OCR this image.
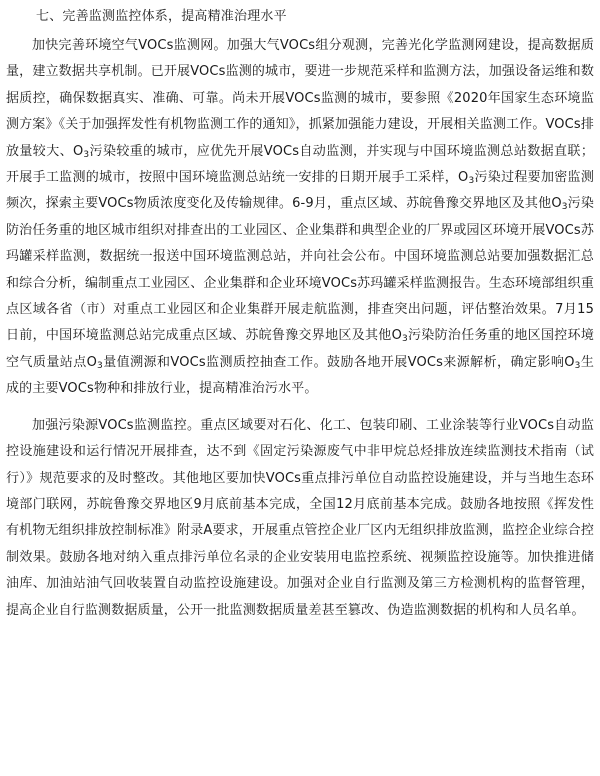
七、完善监测监控体系，提高精准治理水平

加快完善环境空气VOCs监测网。加强大气VOCs组分观测，完善光化学监测网建设，提高数据质量，建立数据共享机制。已开展VOCs监测的城市，要进一步规范采样和监测方法，加强设备运维和数据质控，确保数据真实、准确、可靠。尚未开展VOCs监测的城市，要参照《2020年国家生态环境监测方案》《关于加强挥发性有机物监测工作的通知》，抓紧加强能力建设，开展相关监测工作。VOCs排放量较大、$O_3$污染较重的城市，应优先开展VOCs自动监测，并实现与中国环境监测总站数据直联；开展手工监测的城市，按照中国环境监测总站统一安排的日期开展手工采样，$O_3$污染过程要加密监测频次，探索主要VOCs物质浓度变化及传输规律。6-9月，重点区域、苏皖鲁豫交界地区及其他$O_3$污染防治任务重的地区城市组织对排查出的工业园区、企业集群和典型企业的厂界或园区环境开展VOCs苏玛罐采样监测，数据统一报送中国环境监测总站，并向社会公布。中国环境监测总站要加强数据汇总和综合分析，编制重点工业园区、企业集群和企业环境VOCs苏玛罐采样监测报告。生态环境部组织重点区域各省（市）对重点工业园区和企业集群开展走航监测，排查突出问题，评估整治效果。7月15日前，中国环境监测总站完成重点区域、苏皖鲁豫交界地区及其他$O_3$污染防治任务重的地区国控环境空气质量站点$O_3$量值溯源和VOCs监测质控抽查工作。鼓励各地开展VOCs来源解析，确定影响$O_3$生成的主要VOCs物种和排放行业，提高精准治污水平。

加强污染源VOCs监测监控。重点区域要对石化、化工、包装印刷、工业涂装等行业VOCs自动监控设施建设和运行情况开展排查，达不到《固定污染源废气中非甲烷总烃排放连续监测技术指南（试行）》规范要求的及时整改。其他地区要加快VOCs重点排污单位自动监控设施建设，并与当地生态环境部门联网，苏皖鲁豫交界地区9月底前基本完成，全国12月底前基本完成。鼓励各地按照《挥发性有机物无组织排放控制标准》附录A要求，开展重点管控企业厂区内无组织排放监测，监控企业综合控制效果。鼓励各地对纳入重点排污单位名录的企业安装用电监控系统、视频监控设施等。加快推进储油库、加油站油气回收装置自动监控设施建设。加强对企业自行监测及第三方检测机构的监督管理，提高企业自行监测数据质量，公开一批监测数据质量差甚至篡改、伪造监测数据的机构和人员名单。
